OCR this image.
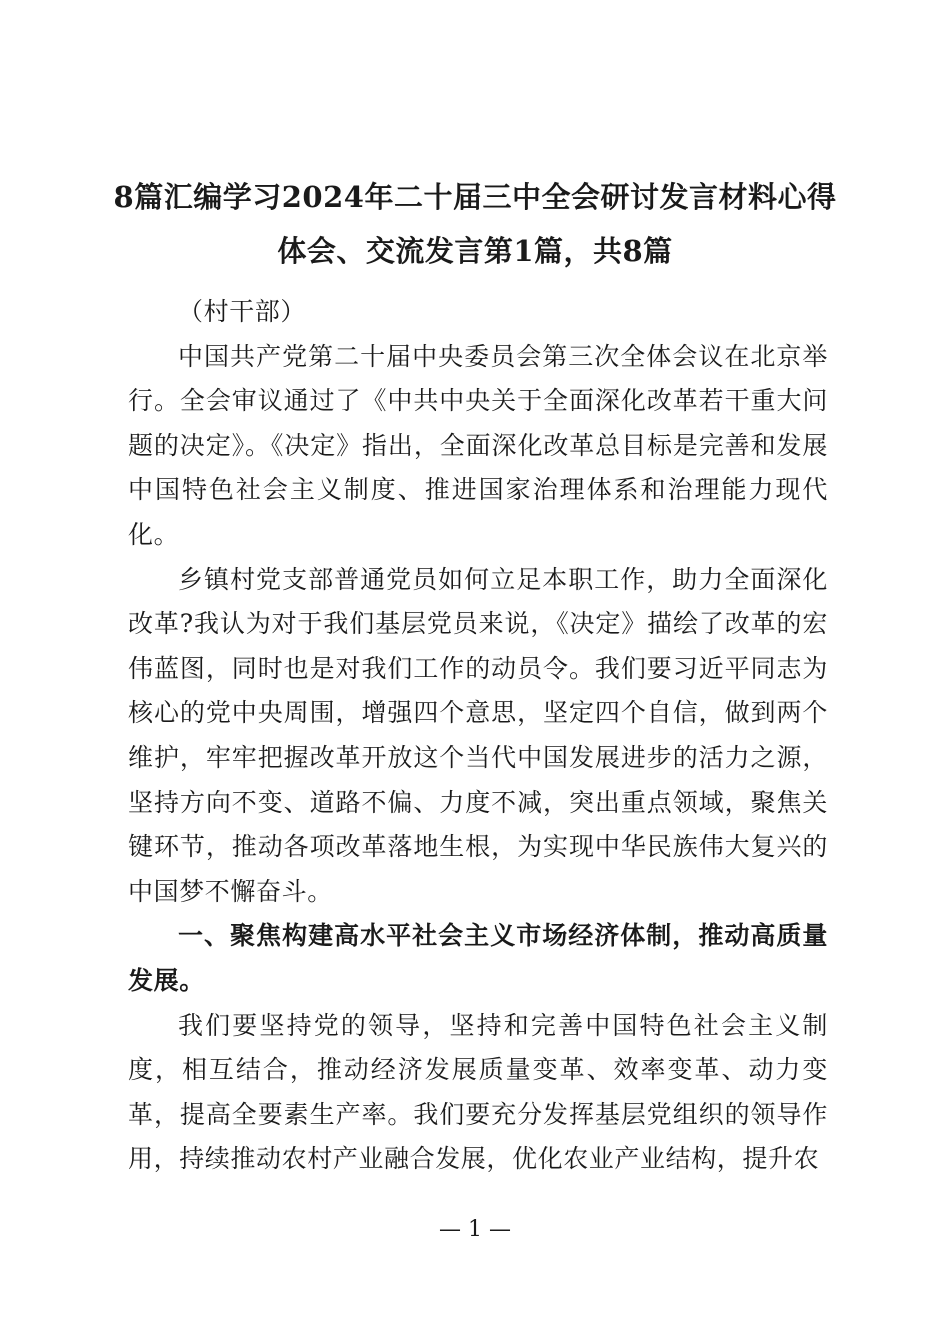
8篇汇编学习2024年二十届三中全会研讨发言材料心得
体会、交流发言第1篇，共8篇

（村干部）

中国共产党第二十届中央委员会第三次全体会议在北京举行。全会审议通过了《中共中央关于全面深化改革若干重大问题的决定》。《决定》指出，全面深化改革总目标是完善和发展中国特色社会主义制度、推进国家治理体系和治理能力现代化。

乡镇村党支部普通党员如何立足本职工作，助力全面深化改革?我认为对于我们基层党员来说，《决定》描绘了改革的宏伟蓝图，同时也是对我们工作的动员令。我们要习近平同志为核心的党中央周围，增强四个意思，坚定四个自信，做到两个维护，牢牢把握改革开放这个当代中国发展进步的活力之源，坚持方向不变、道路不偏、力度不减，突出重点领域，聚焦关键环节，推动各项改革落地生根，为实现中华民族伟大复兴的中国梦不懈奋斗。

一、聚焦构建高水平社会主义市场经济体制，推动高质量发展。

我们要坚持党的领导，坚持和完善中国特色社会主义制度，相互结合，推动经济发展质量变革、效率变革、动力变革，提高全要素生产率。我们要充分发挥基层党组织的领导作用，持续推动农村产业融合发展，优化农业产业结构，提升农

— 1 —
